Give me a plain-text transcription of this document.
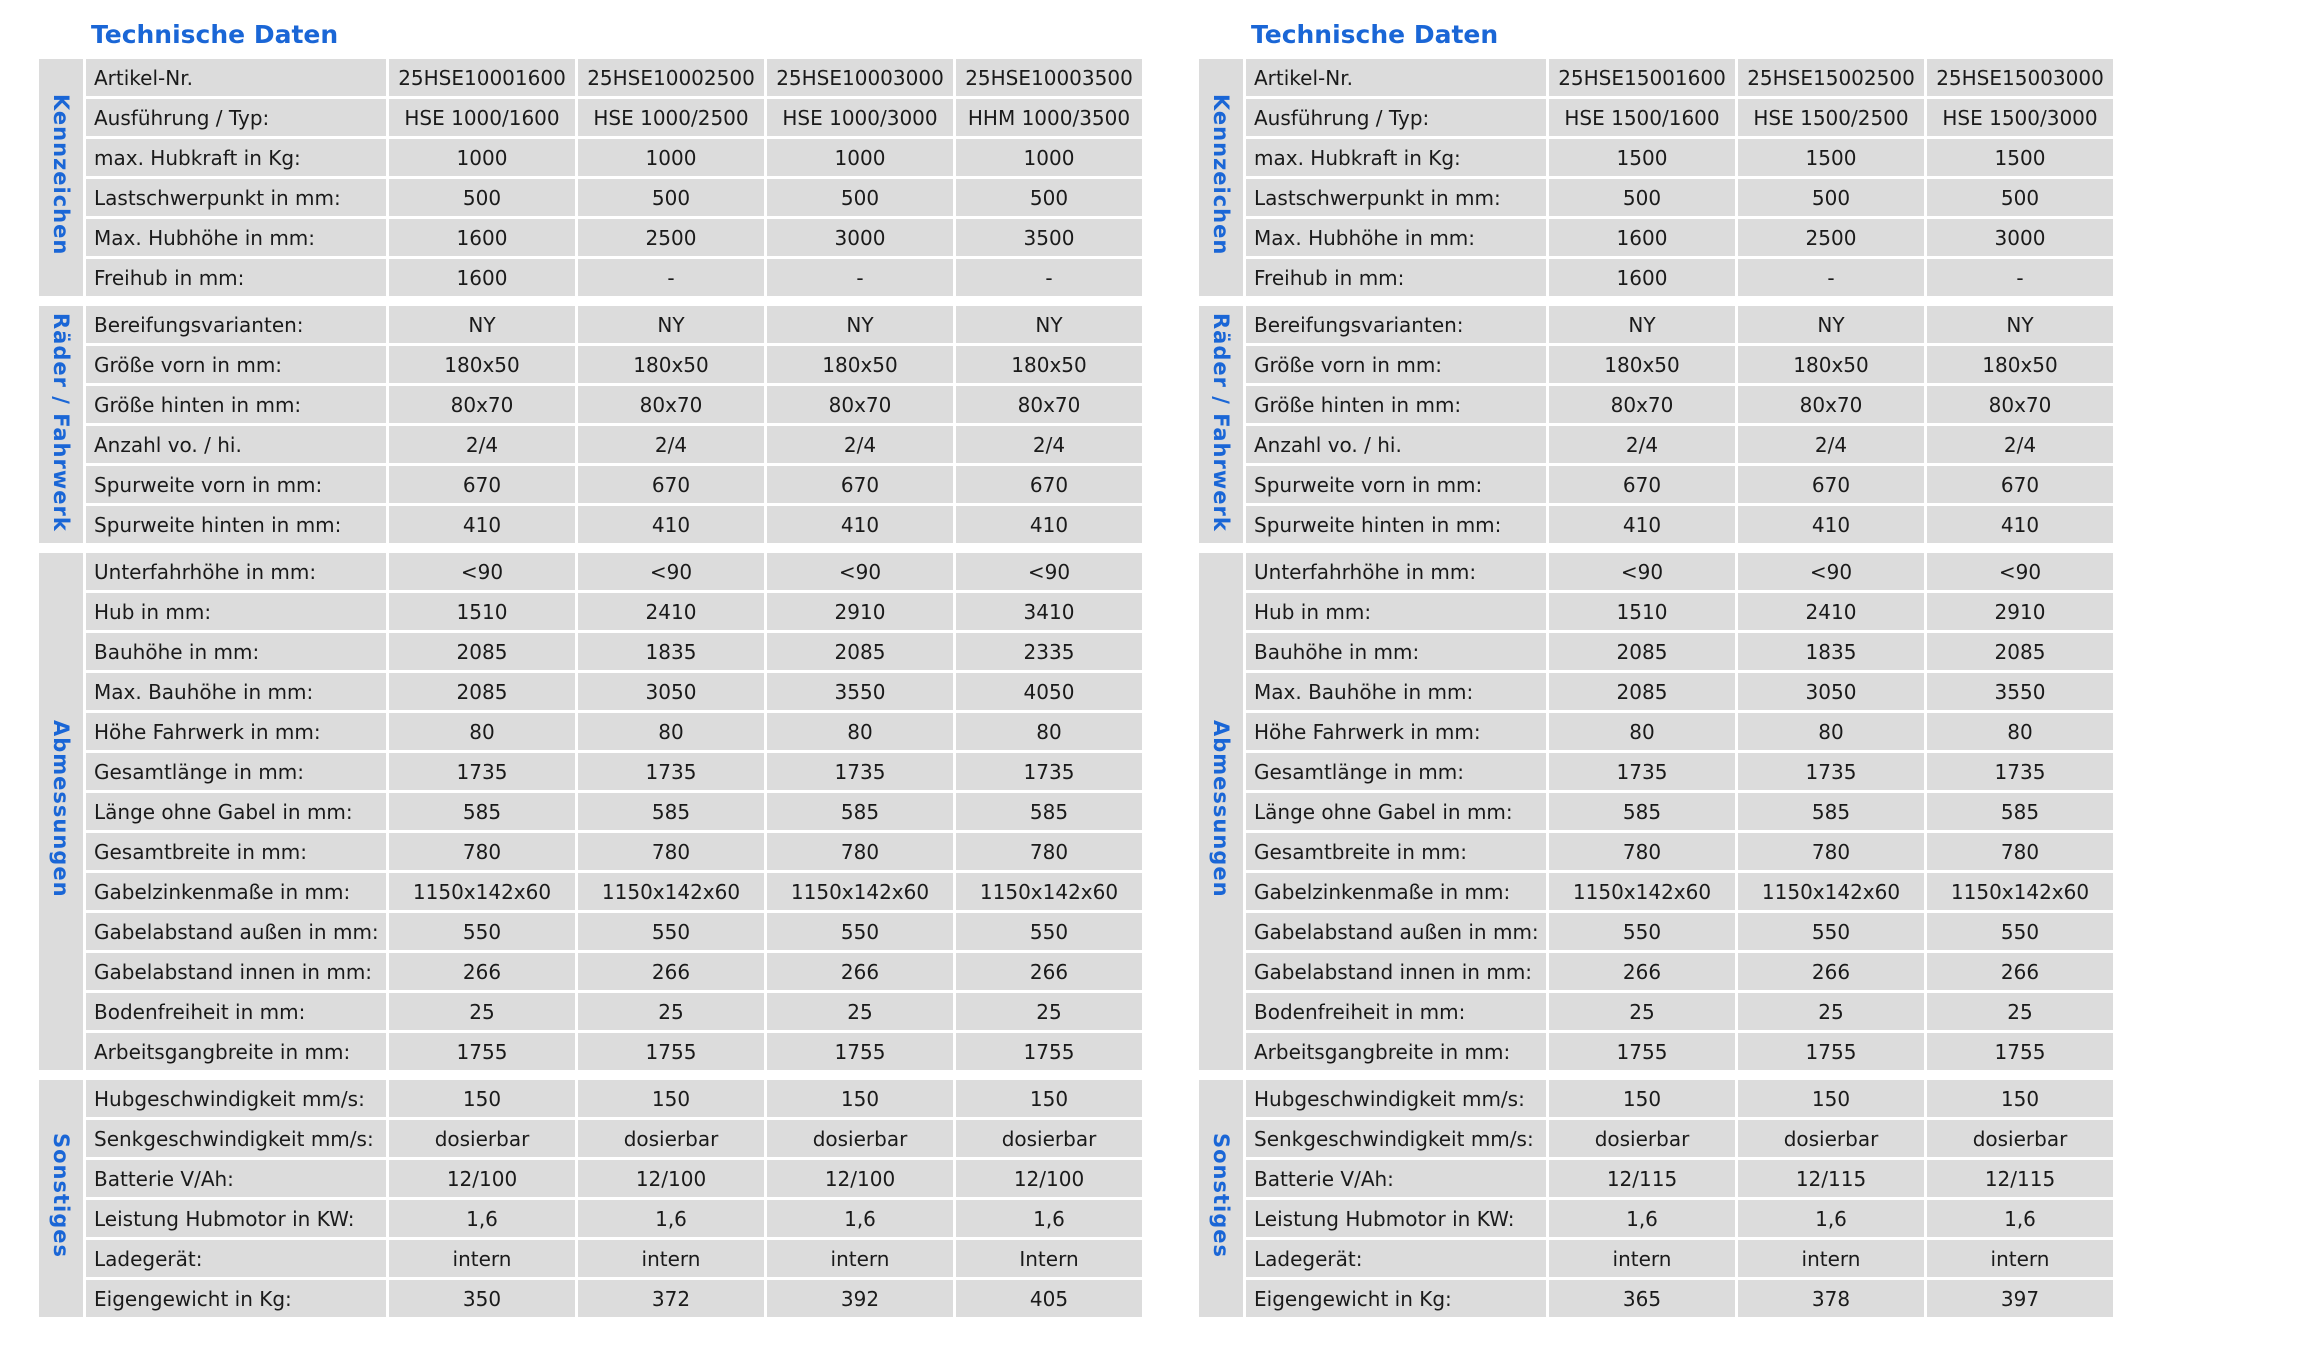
Technische Daten
Kennzeichen	Artikel-Nr.	25HSE10001600	25HSE10002500	25HSE10003000	25HSE10003500
	Ausführung / Typ:	HSE 1000/1600	HSE 1000/2500	HSE 1000/3000	HHM 1000/3500
	max. Hubkraft in Kg:	1000	1000	1000	1000
	Lastschwerpunkt in mm:	500	500	500	500
	Max. Hubhöhe in mm:	1600	2500	3000	3500
	Freihub in mm:	1600	-	-	-

Räder / Fahrwerk	Bereifungsvarianten:	NY	NY	NY	NY
	Größe vorn in mm:	180x50	180x50	180x50	180x50
	Größe hinten in mm:	80x70	80x70	80x70	80x70
	Anzahl vo. / hi.	2/4	2/4	2/4	2/4
	Spurweite vorn in mm:	670	670	670	670
	Spurweite hinten in mm:	410	410	410	410

Abmessungen	Unterfahrhöhe in mm:	<90	<90	<90	<90
	Hub in mm:	1510	2410	2910	3410
	Bauhöhe in mm:	2085	1835	2085	2335
	Max. Bauhöhe in mm:	2085	3050	3550	4050
	Höhe Fahrwerk in mm:	80	80	80	80
	Gesamtlänge in mm:	1735	1735	1735	1735
	Länge ohne Gabel in mm:	585	585	585	585
	Gesamtbreite in mm:	780	780	780	780
	Gabelzinkenmaße in mm:	1150x142x60	1150x142x60	1150x142x60	1150x142x60
	Gabelabstand außen in mm:	550	550	550	550
	Gabelabstand innen in mm:	266	266	266	266
	Bodenfreiheit in mm:	25	25	25	25
	Arbeitsgangbreite in mm:	1755	1755	1755	1755

Sonstiges	Hubgeschwindigkeit mm/s:	150	150	150	150
	Senkgeschwindigkeit mm/s:	dosierbar	dosierbar	dosierbar	dosierbar
	Batterie V/Ah:	12/100	12/100	12/100	12/100
	Leistung Hubmotor in KW:	1,6	1,6	1,6	1,6
	Ladegerät:	intern	intern	intern	Intern
	Eigengewicht in Kg:	350	372	392	405
Technische Daten
Kennzeichen	Artikel-Nr.	25HSE15001600	25HSE15002500	25HSE15003000
	Ausführung / Typ:	HSE 1500/1600	HSE 1500/2500	HSE 1500/3000
	max. Hubkraft in Kg:	1500	1500	1500
	Lastschwerpunkt in mm:	500	500	500
	Max. Hubhöhe in mm:	1600	2500	3000
	Freihub in mm:	1600	-	-

Räder / Fahrwerk	Bereifungsvarianten:	NY	NY	NY
	Größe vorn in mm:	180x50	180x50	180x50
	Größe hinten in mm:	80x70	80x70	80x70
	Anzahl vo. / hi.	2/4	2/4	2/4
	Spurweite vorn in mm:	670	670	670
	Spurweite hinten in mm:	410	410	410

Abmessungen	Unterfahrhöhe in mm:	<90	<90	<90
	Hub in mm:	1510	2410	2910
	Bauhöhe in mm:	2085	1835	2085
	Max. Bauhöhe in mm:	2085	3050	3550
	Höhe Fahrwerk in mm:	80	80	80
	Gesamtlänge in mm:	1735	1735	1735
	Länge ohne Gabel in mm:	585	585	585
	Gesamtbreite in mm:	780	780	780
	Gabelzinkenmaße in mm:	1150x142x60	1150x142x60	1150x142x60
	Gabelabstand außen in mm:	550	550	550
	Gabelabstand innen in mm:	266	266	266
	Bodenfreiheit in mm:	25	25	25
	Arbeitsgangbreite in mm:	1755	1755	1755

Sonstiges	Hubgeschwindigkeit mm/s:	150	150	150
	Senkgeschwindigkeit mm/s:	dosierbar	dosierbar	dosierbar
	Batterie V/Ah:	12/115	12/115	12/115
	Leistung Hubmotor in KW:	1,6	1,6	1,6
	Ladegerät:	intern	intern	intern
	Eigengewicht in Kg:	365	378	397
